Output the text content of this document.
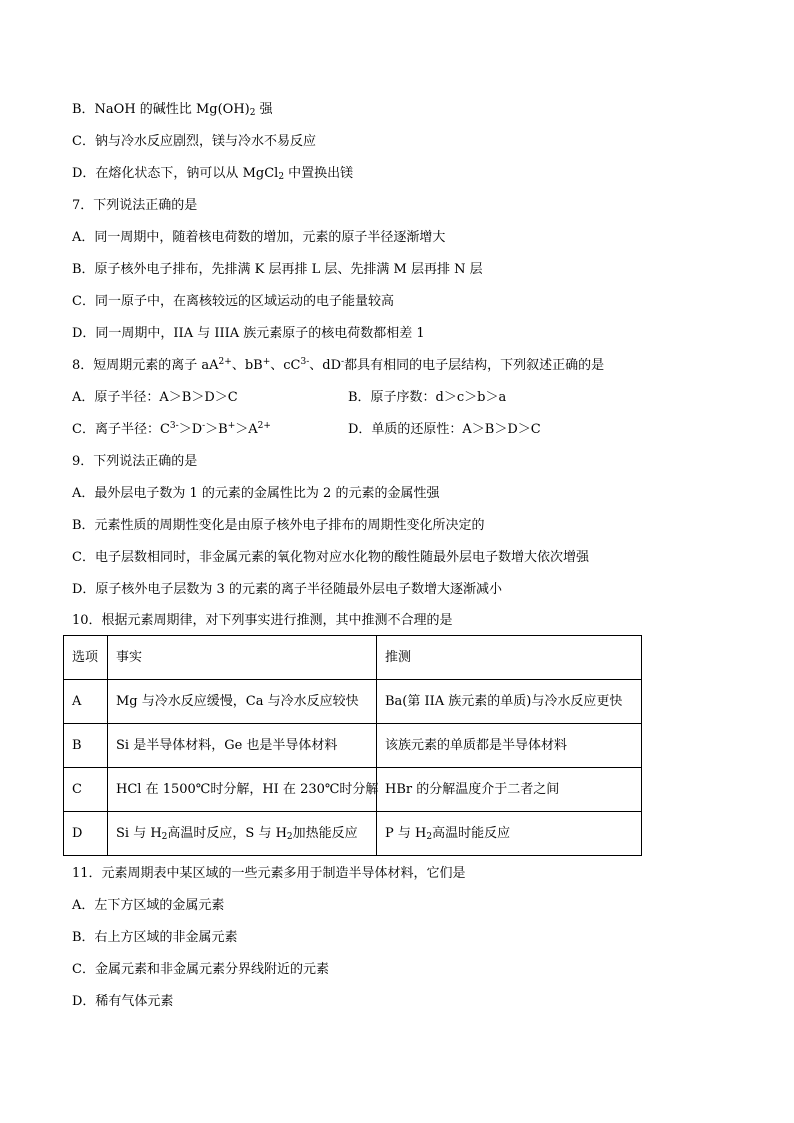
B．NaOH 的碱性比 $Mg(OH)_2$ 强
C．钠与冷水反应剧烈，镁与冷水不易反应
D．在熔化状态下，钠可以从 MgCl$_2$ 中置换出镁
7．下列说法正确的是
A．同一周期中，随着核电荷数的增加，元素的原子半径逐渐增大
B．原子核外电子排布，先排满 K 层再排 L 层、先排满 M 层再排 N 层
C．同一原子中，在离核较远的区域运动的电子能量较高
D．同一周期中，IIA 与 IIIA 族元素原子的核电荷数都相差 1
8．短周期元素的离子 $aA^{2+}$、bB+、$cC^{3-}$、dD-都具有相同的电子层结构，下列叙述正确的是
A．原子半径：A＞B＞D＞C	B．原子序数：d＞c＞b＞a
C．离子半径：$C^{3-}>D^->B^+>A^{2+}$	D．单质的还原性：A＞B＞D＞C
9．下列说法正确的是
A．最外层电子数为 1 的元素的金属性比为 2 的元素的金属性强
B．元素性质的周期性变化是由原子核外电子排布的周期性变化所决定的
C．电子层数相同时，非金属元素的氧化物对应水化物的酸性随最外层电子数增大依次增强
D．原子核外电子层数为 3 的元素的离子半径随最外层电子数增大逐渐减小
10．根据元素周期律，对下列事实进行推测，其中推测不合理的是
选项	事实	推测
A	Mg 与冷水反应缓慢，Ca 与冷水反应较快	Ba(第 IIA 族元素的单质)与冷水反应更快
B	Si 是半导体材料，Ge 也是半导体材料	该族元素的单质都是半导体材料
C	HCl 在 1500℃时分解，HI 在 230℃时分解	HBr 的分解温度介于二者之间
D	Si 与 $H_2$高温时反应，S 与 $H_2$加热能反应	P 与 $H_2$高温时能反应
11．元素周期表中某区域的一些元素多用于制造半导体材料，它们是
A．左下方区域的金属元素
B．右上方区域的非金属元素
C．金属元素和非金属元素分界线附近的元素
D．稀有气体元素
